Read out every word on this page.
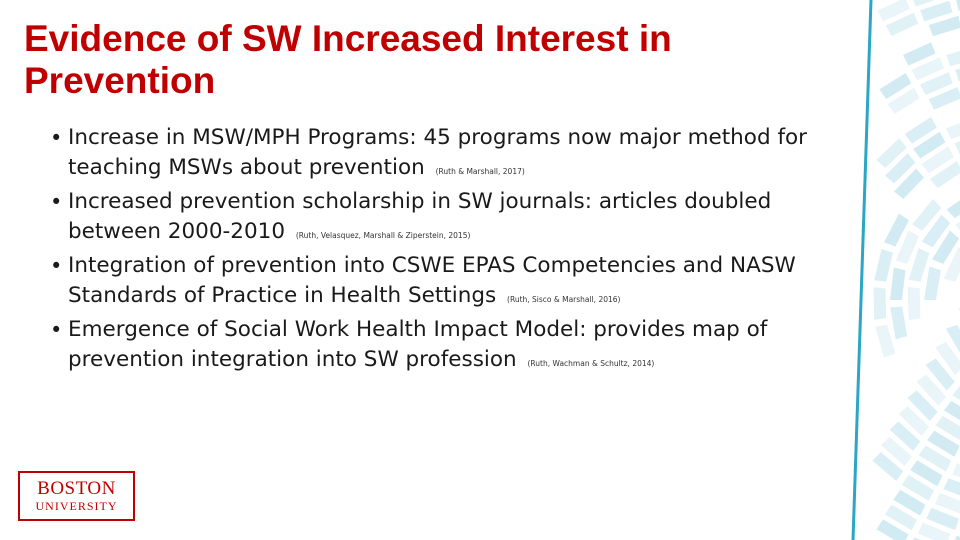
Evidence of SW Increased Interest in Prevention
• Increase in MSW/MPH Programs: 45 programs now major method for teaching MSWs about prevention (Ruth & Marshall, 2017)
• Increased prevention scholarship in SW journals: articles doubled between 2000-2010 (Ruth, Velasquez, Marshall & Ziperstein, 2015)
• Integration of prevention into CSWE EPAS Competencies and NASW Standards of Practice in Health Settings (Ruth, Sisco & Marshall, 2016)
• Emergence of Social Work Health Impact Model: provides map of prevention integration into SW profession (Ruth, Wachman & Schultz, 2014)
BOSTON
UNIVERSITY
